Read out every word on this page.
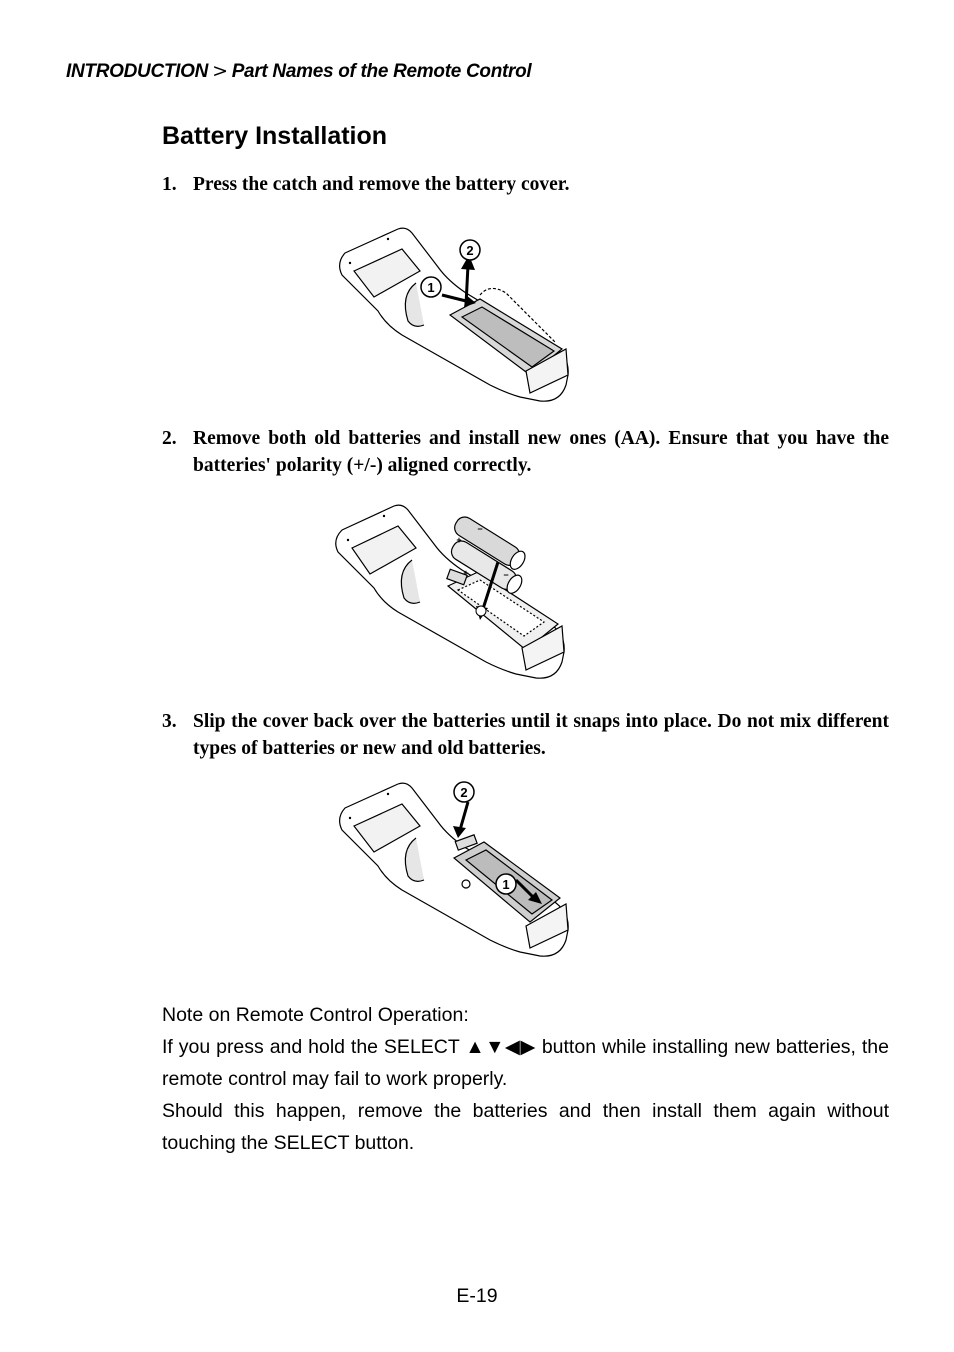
INTRODUCTION > Part Names of the Remote Control
Battery Installation
1. Press the catch and remove the battery cover.
1
2
2. Remove both old batteries and install new ones (AA). Ensure that you have the batteries' polarity (+/-) aligned correctly.
+
+	−
−
3. Slip the cover back over the batteries until it snaps into place. Do not mix different types of batteries or new and old batteries.
2
1

Note on Remote Control Operation:

If you press and hold the SELECT ▲▼◀▶ button while installing new batteries, the remote control may fail to work properly.

Should this happen, remove the batteries and then install them again without touching the SELECT button.

E-19
